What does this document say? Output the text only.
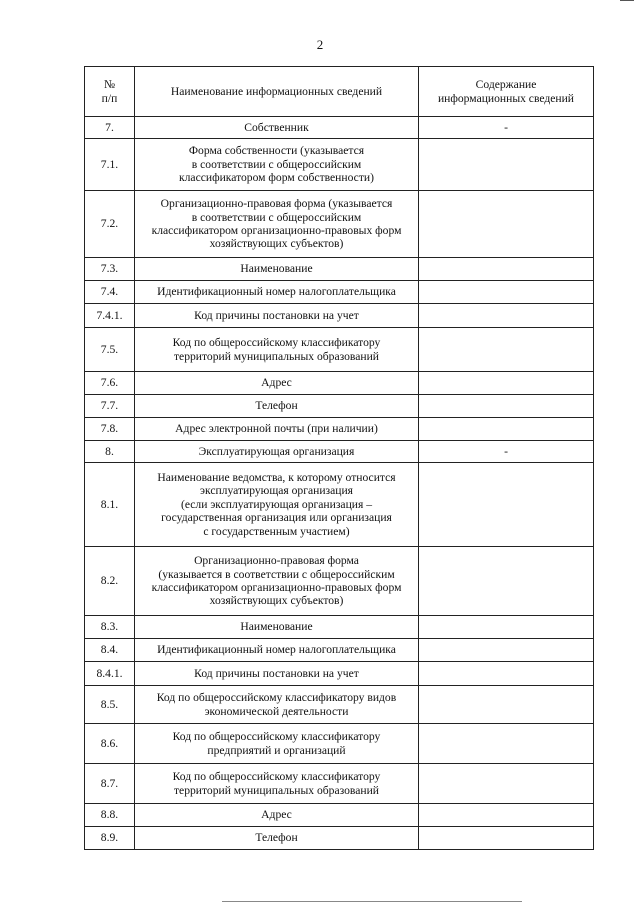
2
№
п/п	Наименование информационных сведений	Содержание
информационных сведений
7.	Собственник	-
7.1.	Форма собственности (указывается
в соответствии с общероссийским
классификатором форм собственности)	
7.2.	Организационно-правовая форма (указывается
в соответствии с общероссийским
классификатором организационно-правовых форм
хозяйствующих субъектов)	
7.3.	Наименование	
7.4.	Идентификационный номер налогоплательщика	
7.4.1.	Код причины постановки на учет	
7.5.	Код по общероссийскому классификатору
территорий муниципальных образований	
7.6.	Адрес	
7.7.	Телефон	
7.8.	Адрес электронной почты (при наличии)	
8.	Эксплуатирующая организация	-
8.1.	Наименование ведомства, к которому относится
эксплуатирующая организация
(если эксплуатирующая организация –
государственная организация или организация
с государственным участием)	
8.2.	Организационно-правовая форма
(указывается в соответствии с общероссийским
классификатором организационно-правовых форм
хозяйствующих субъектов)	
8.3.	Наименование	
8.4.	Идентификационный номер налогоплательщика	
8.4.1.	Код причины постановки на учет	
8.5.	Код по общероссийскому классификатору видов
экономической деятельности	
8.6.	Код по общероссийскому классификатору
предприятий и организаций	
8.7.	Код по общероссийскому классификатору
территорий муниципальных образований	
8.8.	Адрес	
8.9.	Телефон	
